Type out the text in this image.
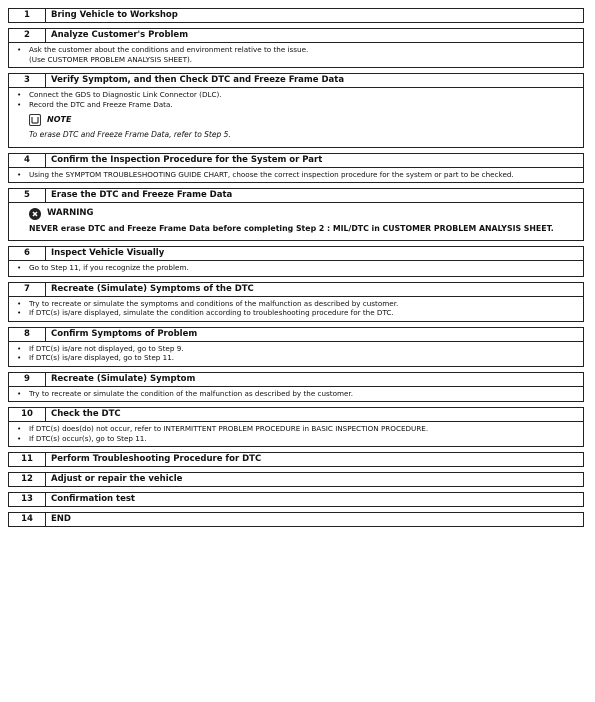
1	Bring Vehicle to Workshop
2	Analyze Customer's Problem
•	Ask the customer about the conditions and environment relative to the issue.
(Use CUSTOMER PROBLEM ANALYSIS SHEET).
3	Verify Symptom, and then Check DTC and Freeze Frame Data
•	Connect the GDS to Diagnostic Link Connector (DLC).
•	Record the DTC and Freeze Frame Data.
NOTE
To erase DTC and Freeze Frame Data, refer to Step 5.
4	Confirm the Inspection Procedure for the System or Part
•	Using the SYMPTOM TROUBLESHOOTING GUIDE CHART, choose the correct inspection procedure for the system or part to be checked.
5	Erase the DTC and Freeze Frame Data
WARNING
NEVER erase DTC and Freeze Frame Data before completing Step 2 : MIL/DTC in CUSTOMER PROBLEM ANALYSIS SHEET.
6	Inspect Vehicle Visually
•	Go to Step 11, if you recognize the problem.
7	Recreate (Simulate) Symptoms of the DTC
•	Try to recreate or simulate the symptoms and conditions of the malfunction as described by customer.
•	If DTC(s) is/are displayed, simulate the condition according to troubleshooting procedure for the DTC.
8	Confirm Symptoms of Problem
•	If DTC(s) is/are not displayed, go to Step 9.
•	If DTC(s) is/are displayed, go to Step 11.
9	Recreate (Simulate) Symptom
•	Try to recreate or simulate the condition of the malfunction as described by the customer.
10	Check the DTC
•	If DTC(s) does(do) not occur, refer to INTERMITTENT PROBLEM PROCEDURE in BASIC INSPECTION PROCEDURE.
•	If DTC(s) occur(s), go to Step 11.
11	Perform Troubleshooting Procedure for DTC
12	Adjust or repair the vehicle
13	Confirmation test
14	END
